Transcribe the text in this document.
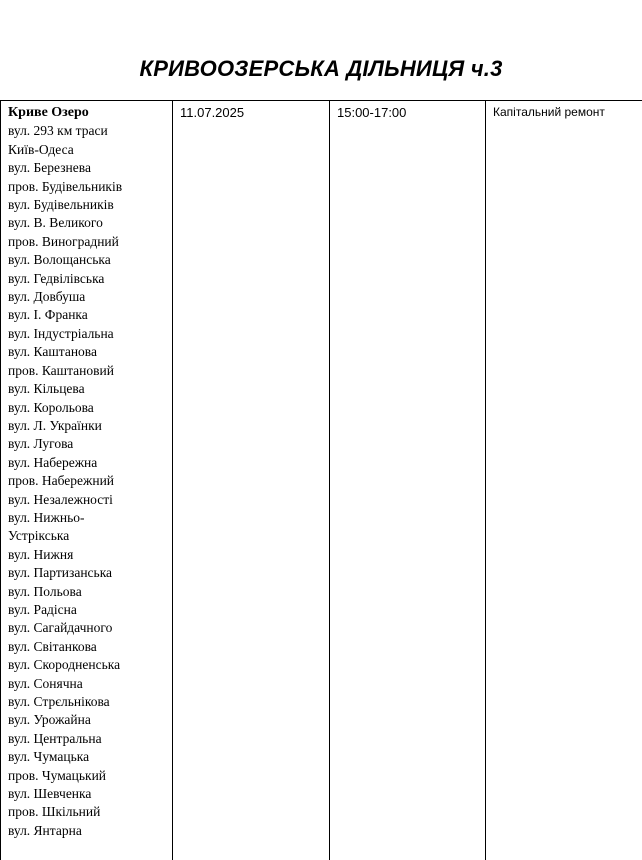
КРИВООЗЕРСЬКА ДІЛЬНИЦЯ ч.3
Криве Озеро
вул. 293 км траси
Київ-Одеса
вул. Березнева
пров. Будівельників
вул. Будівельників
вул. В. Великого
пров. Виноградний
вул. Волощанська
вул. Гедвілівська
вул. Довбуша
вул. І. Франка
вул. Індустріальна
вул. Каштанова
пров. Каштановий
вул. Кільцева
вул. Корольова
вул. Л. Українки
вул. Лугова
вул. Набережна
пров. Набережний
вул. Незалежності
вул. Нижньо-
Устрікська
вул. Нижня
вул. Партизанська
вул. Польова
вул. Радісна
вул. Сагайдачного
вул. Світанкова
вул. Скородненська
вул. Сонячна
вул. Стрєльнікова
вул. Урожайна
вул. Центральна
вул. Чумацька
пров. Чумацький
вул. Шевченка
пров. Шкільний
вул. Янтарна
11.07.2025	15:00-17:00	Капітальний ремонт
